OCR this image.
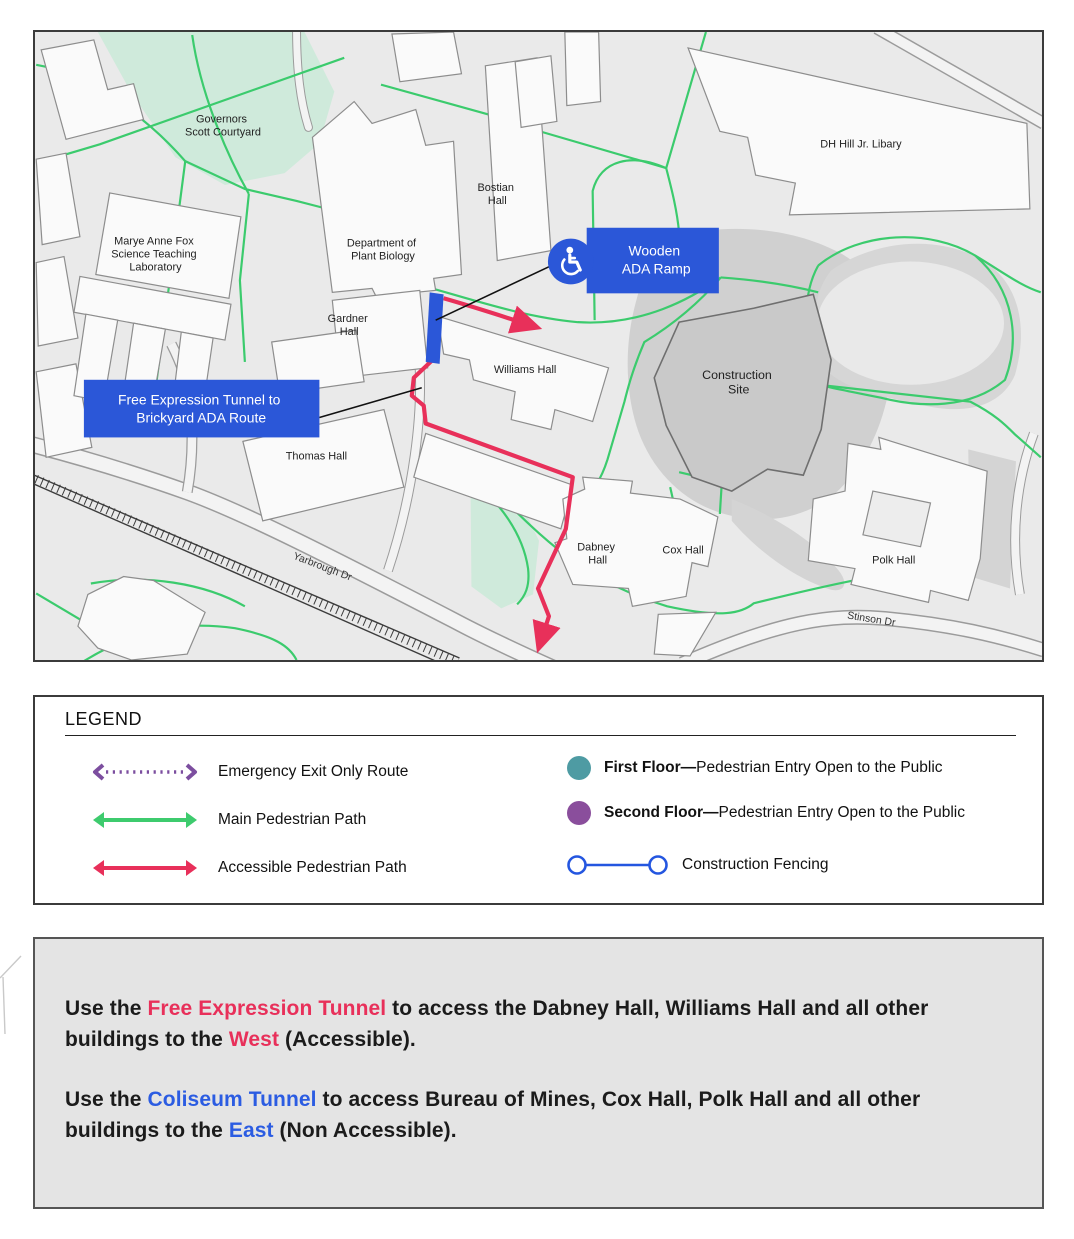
Wooden ADA Ramp
Free Expression Tunnel to Brickyard ADA Route
Governors Scott Courtyard
Marye Anne Fox Science Teaching Laboratory
Department of Plant Biology
Bostian Hall
Gardner Hall
Williams Hall
Thomas Hall
DH Hill Jr. Libary
Construction Site
Dabney Hall
Cox Hall
Polk Hall
Yarbrough Dr
Stinson Dr
LEGEND
Emergency Exit Only Route
Main Pedestrian Path
Accessible Pedestrian Path
First Floor—Pedestrian Entry Open to the Public
Second Floor—Pedestrian Entry Open to the Public
Construction Fencing
Use the Free Expression Tunnel to access the Dabney Hall, Williams Hall and all other buildings to the West (Accessible).
Use the Coliseum Tunnel to access Bureau of Mines, Cox Hall, Polk Hall and all other buildings to the East (Non Accessible).
